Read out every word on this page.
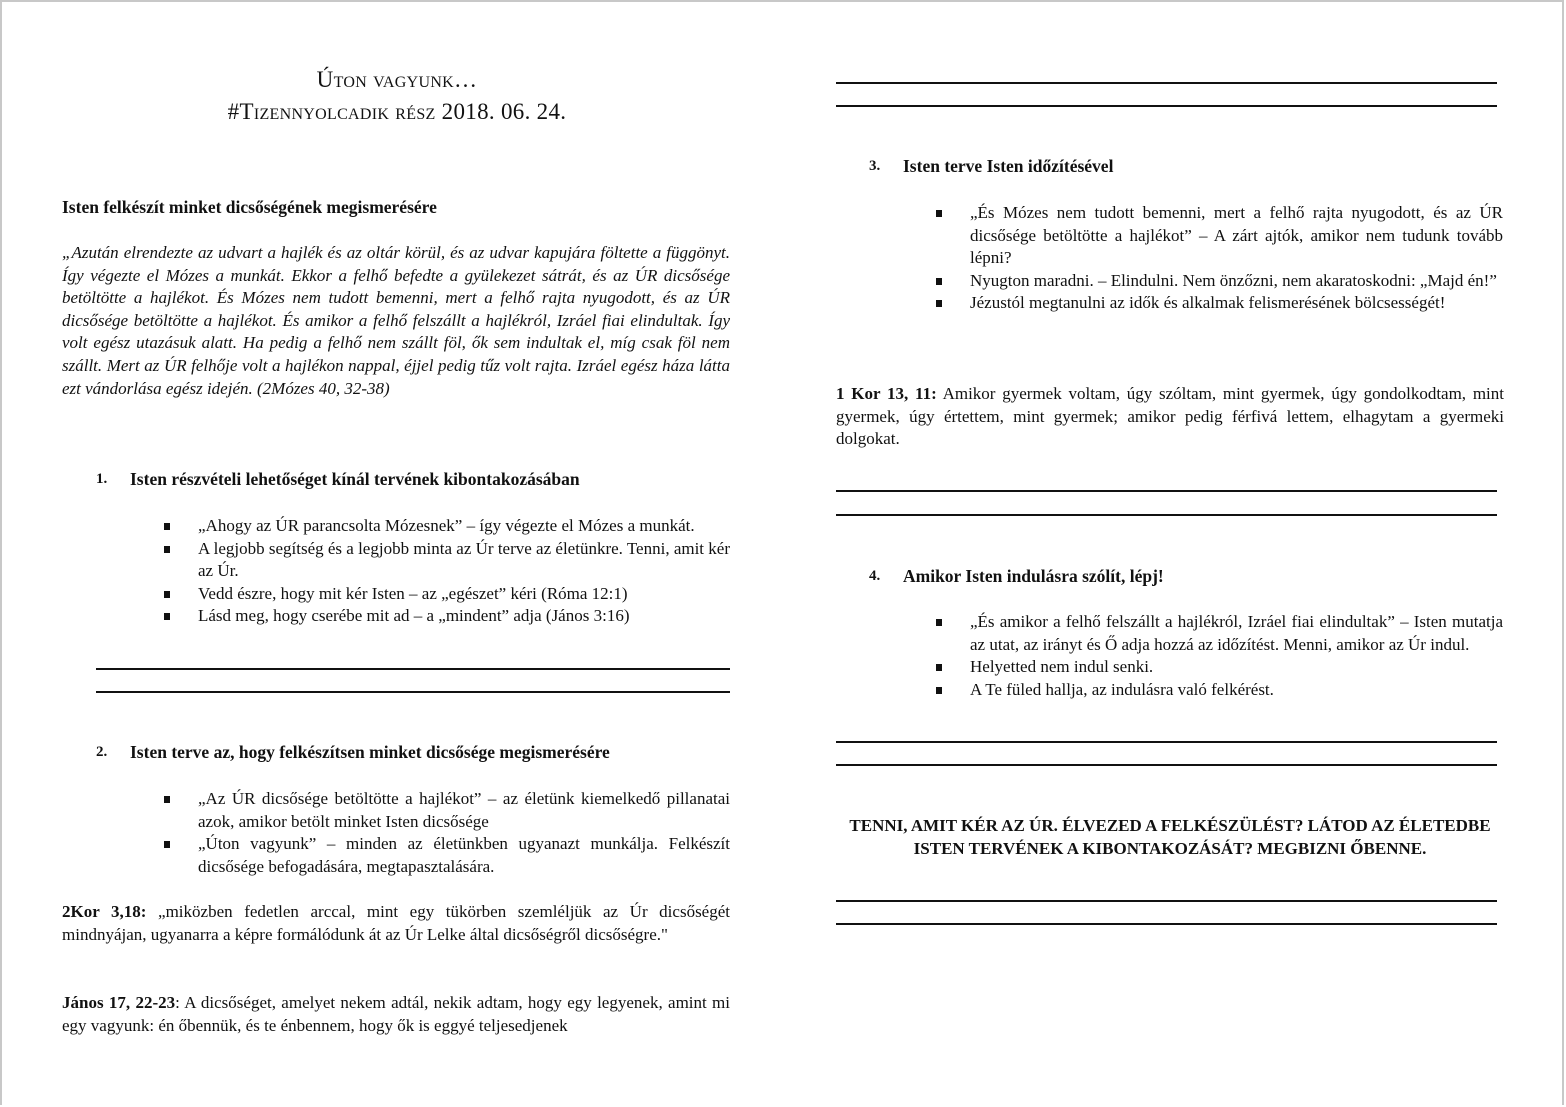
Úton vagyunk…
#Tizennyolcadik rész 2018. 06. 24.
Isten felkészít minket dicsőségének megismerésére
„Azután elrendezte az udvart a hajlék és az oltár körül, és az udvar kapujára föltette a függönyt. Így végezte el Mózes a munkát. Ekkor a felhő befedte a gyülekezet sátrát, és az ÚR dicsősége betöltötte a hajlékot. És Mózes nem tudott bemenni, mert a felhő rajta nyugodott, és az ÚR dicsősége betöltötte a hajlékot. És amikor a felhő felszállt a hajlékról, Izráel fiai elindultak. Így volt egész utazásuk alatt. Ha pedig a felhő nem szállt föl, ők sem indultak el, míg csak föl nem szállt. Mert az ÚR felhője volt a hajlékon nappal, éjjel pedig tűz volt rajta. Izráel egész háza látta ezt vándorlása egész idején. (2Mózes 40, 32-38)
1.	Isten részvételi lehetőséget kínál tervének kibontakozásában
„Ahogy az ÚR parancsolta Mózesnek” – így végezte el Mózes a munkát.
A legjobb segítség és a legjobb minta az Úr terve az életünkre. Tenni, amit kér az Úr.
Vedd észre, hogy mit kér Isten – az „egészet” kéri (Róma 12:1)
Lásd meg, hogy cserébe mit ad – a „mindent” adja (János 3:16)
2.	Isten terve az, hogy felkészítsen minket dicsősége megismerésére
„Az ÚR dicsősége betöltötte a hajlékot” – az életünk kiemelkedő pillanatai azok, amikor betölt minket Isten dicsősége
„Úton vagyunk” – minden az életünkben ugyanazt munkálja. Felkészít dicsősége befogadására, megtapasztalására.
2Kor 3,18: „miközben fedetlen arccal, mint egy tükörben szemléljük az Úr dicsőségét mindnyájan, ugyanarra a képre formálódunk át az Úr Lelke által dicsőségről dicsőségre."
János 17, 22-23: A dicsőséget, amelyet nekem adtál, nekik adtam, hogy egy legyenek, amint mi egy vagyunk: én őbennük, és te énbennem, hogy ők is eggyé teljesedjenek
3.	Isten terve Isten időzítésével
„És Mózes nem tudott bemenni, mert a felhő rajta nyugodott, és az ÚR dicsősége betöltötte a hajlékot” – A zárt ajtók, amikor nem tudunk tovább lépni?
Nyugton maradni. – Elindulni. Nem önzőzni, nem akaratoskodni: „Majd én!”
Jézustól megtanulni az idők és alkalmak felismerésének bölcsességét!
1 Kor 13, 11: Amikor gyermek voltam, úgy szóltam, mint gyermek, úgy gondolkodtam, mint gyermek, úgy értettem, mint gyermek; amikor pedig férfivá lettem, elhagytam a gyermeki dolgokat.
4.	Amikor Isten indulásra szólít, lépj!
„És amikor a felhő felszállt a hajlékról, Izráel fiai elindultak” – Isten mutatja az utat, az irányt és Ő adja hozzá az időzítést. Menni, amikor az Úr indul.
Helyetted nem indul senki.
A Te füled hallja, az indulásra való felkérést.
TENNI, AMIT KÉR AZ ÚR. ÉLVEZED A FELKÉSZÜLÉST? LÁTOD AZ ÉLETEDBE ISTEN TERVÉNEK A KIBONTAKOZÁSÁT? MEGBIZNI ŐBENNE.
